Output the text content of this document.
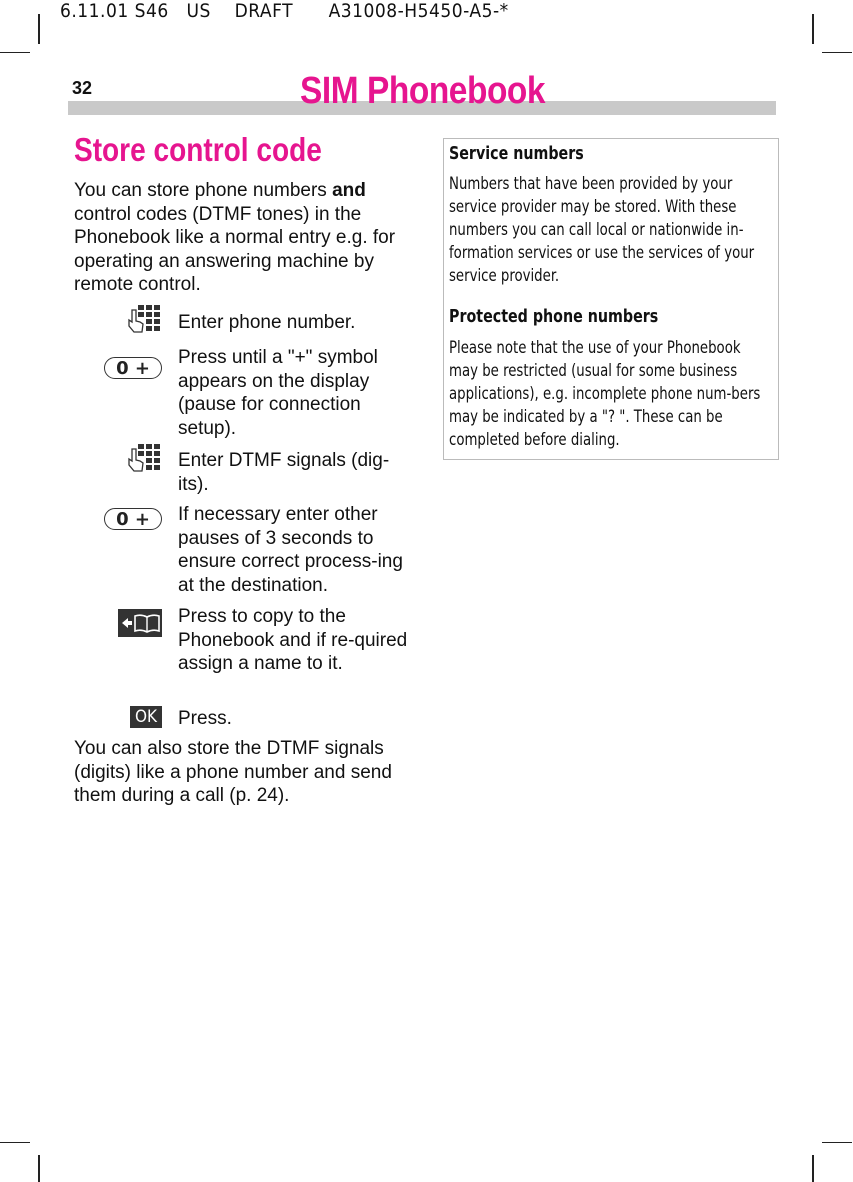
6.11.01 S46   US    DRAFT      A31008-H5450-A5-*
32	SIM Phonebook
Store control code
You can store phone numbers and control codes (DTMF tones) in the Phonebook like a normal entry e.g. for operating an answering machine by remote control.
Enter phone number.
0 +
Press until a "+" symbol appears on the display (pause for connection setup).
Enter DTMF signals (dig-its).
0 +	If necessary enter other pauses of 3 seconds to ensure correct process-ing at the destination.
Press to copy to the Phonebook and if re-quired assign a name to it.
OK Press.
You can also store the DTMF signals (digits) like a phone number and send them during a call (p. 24).
Service numbers
Numbers that have been provided by your service provider may be stored. With these numbers you can call local or nationwide in-formation services or use the services of your service provider.
Protected phone numbers
Please note that the use of your Phonebook may be restricted (usual for some business applications), e.g. incomplete phone num-bers may be indicated by a "? ". These can be completed before dialing.
